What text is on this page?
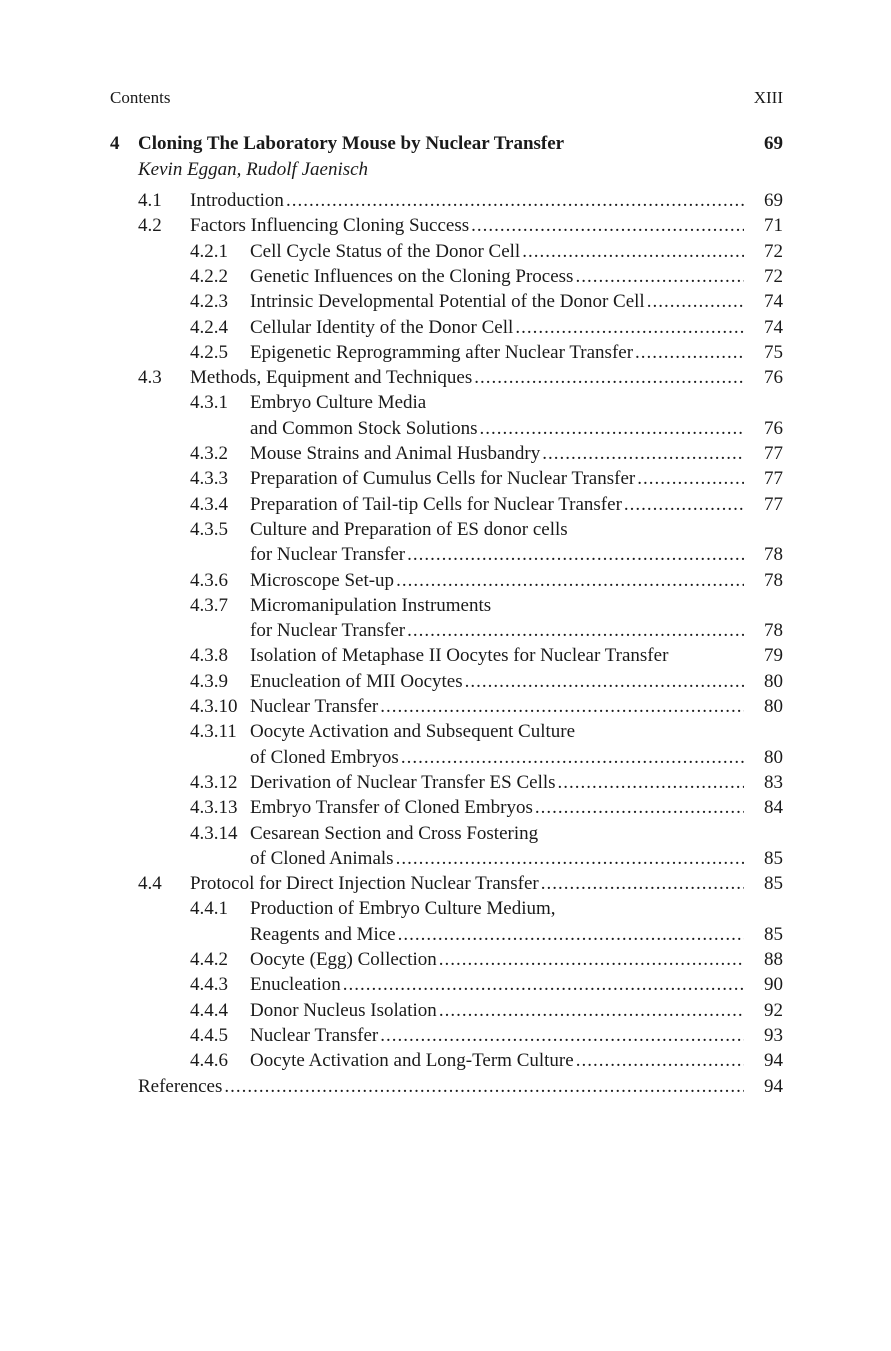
Contents	XIII
4 Cloning The Laboratory Mouse by Nuclear Transfer	69
Kevin Eggan, Rudolf Jaenisch
4.1 Introduction .....	69
4.2 Factors Influencing Cloning Success .....	71
4.2.1 Cell Cycle Status of the Donor Cell .....	72
4.2.2 Genetic Influences on the Cloning Process .....	72
4.2.3 Intrinsic Developmental Potential of the Donor Cell .....	74
4.2.4 Cellular Identity of the Donor Cell .....	74
4.2.5 Epigenetic Reprogramming after Nuclear Transfer .....	75
4.3 Methods, Equipment and Techniques .....	76
4.3.1 Embryo Culture Media
and Common Stock Solutions .....	76
4.3.2 Mouse Strains and Animal Husbandry .....	77
4.3.3 Preparation of Cumulus Cells for Nuclear Transfer .....	77
4.3.4 Preparation of Tail-tip Cells for Nuclear Transfer .....	77
4.3.5 Culture and Preparation of ES donor cells
for Nuclear Transfer .....	78
4.3.6 Microscope Set-up .....	78
4.3.7 Micromanipulation Instruments
for Nuclear Transfer .....	78
4.3.8 Isolation of Metaphase II Oocytes for Nuclear Transfer	79
4.3.9 Enucleation of MII Oocytes .....	80
4.3.10 Nuclear Transfer .....	80
4.3.11 Oocyte Activation and Subsequent Culture
of Cloned Embryos .....	80
4.3.12 Derivation of Nuclear Transfer ES Cells .....	83
4.3.13 Embryo Transfer of Cloned Embryos .....	84
4.3.14 Cesarean Section and Cross Fostering
of Cloned Animals .....	85
4.4 Protocol for Direct Injection Nuclear Transfer .....	85
4.4.1 Production of Embryo Culture Medium,
Reagents and Mice .....	85
4.4.2 Oocyte (Egg) Collection .....	88
4.4.3 Enucleation .....	90
4.4.4 Donor Nucleus Isolation .....	92
4.4.5 Nuclear Transfer .....	93
4.4.6 Oocyte Activation and Long-Term Culture .....	94
References .....	94
